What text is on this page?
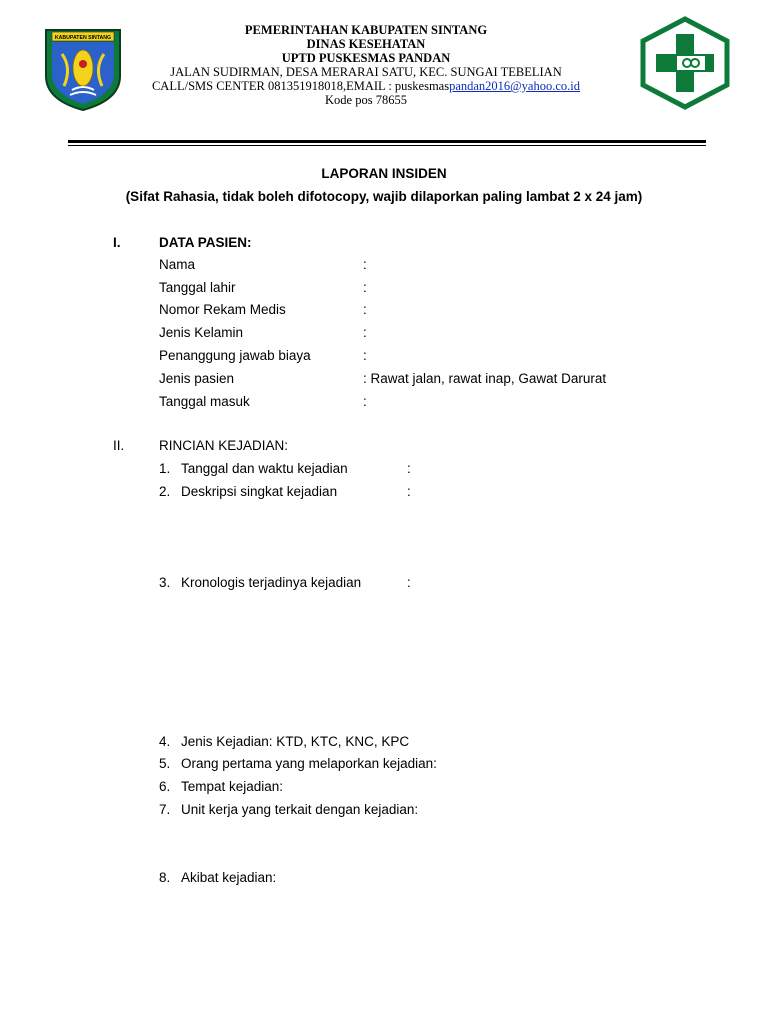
KABUPATEN SINTANG
PEMERINTAHAN KABUPATEN SINTANG
DINAS KESEHATAN
UPTD PUSKESMAS PANDAN
JALAN SUDIRMAN, DESA MERARAI SATU, KEC. SUNGAI TEBELIAN
CALL/SMS CENTER 081351918018,EMAIL : puskesmaspandan2016@yahoo.co.id
Kode pos 78655
LAPORAN INSIDEN
(Sifat Rahasia, tidak boleh difotocopy, wajib dilaporkan paling lambat 2 x 24 jam)
I.	DATA PASIEN:
Nama	:
Tanggal lahir	:
Nomor Rekam Medis	:
Jenis Kelamin	:
Penanggung jawab biaya	:
Jenis pasien	: Rawat jalan, rawat inap, Gawat Darurat
Tanggal masuk	:
II.	RINCIAN KEJADIAN:
1. Tanggal dan waktu kejadian	:
2. Deskripsi singkat kejadian	:
3. Kronologis terjadinya kejadian	:
4. Jenis Kejadian: KTD, KTC, KNC, KPC
5. Orang pertama yang melaporkan kejadian:
6. Tempat kejadian:
7. Unit kerja yang terkait dengan kejadian:
8. Akibat kejadian:
